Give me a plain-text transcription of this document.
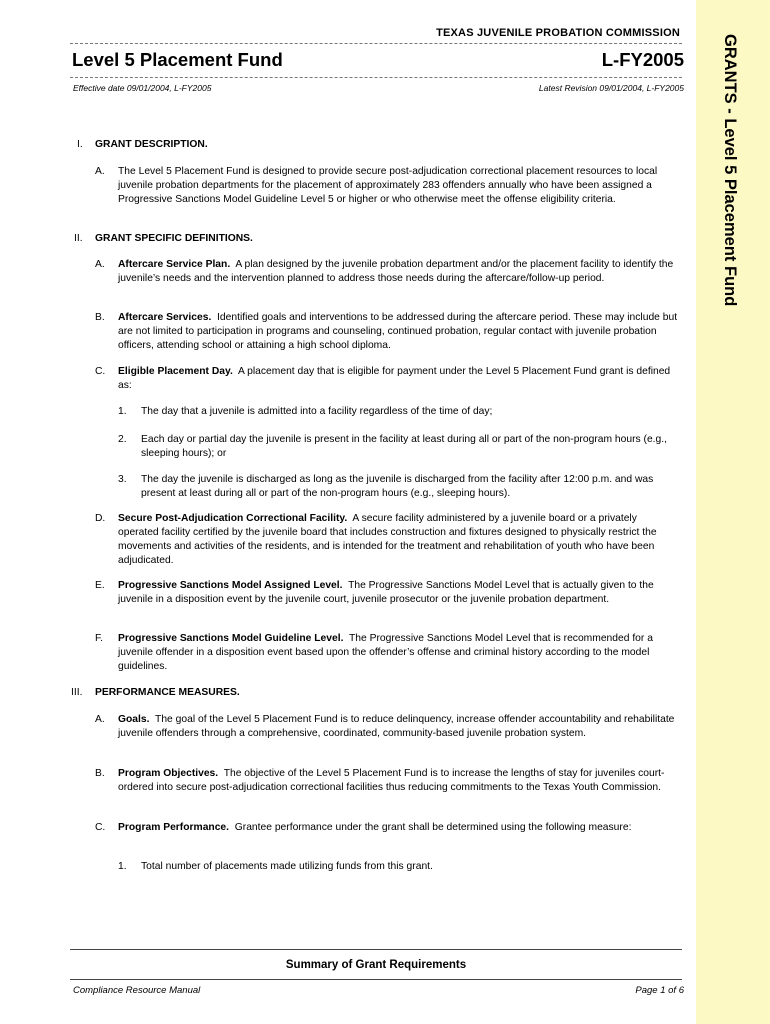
GRANTS - Level 5 Placement Fund
TEXAS JUVENILE PROBATION COMMISSION
Level 5 Placement Fund	L-FY2005
Effective date 09/01/2004, L-FY2005	Latest Revision 09/01/2004, L-FY2005
I. GRANT DESCRIPTION.
A. The Level 5 Placement Fund is designed to provide secure post-adjudication correctional placement resources to local juvenile probation departments for the placement of approximately 283 offenders annually who have been assigned a Progressive Sanctions Model Guideline Level 5 or higher or who otherwise meet the offense eligibility criteria.
II. GRANT SPECIFIC DEFINITIONS.
A. Aftercare Service Plan. A plan designed by the juvenile probation department and/or the placement facility to identify the juvenile’s needs and the intervention planned to address those needs during the aftercare/follow-up period.
B. Aftercare Services. Identified goals and interventions to be addressed during the aftercare period. These may include but are not limited to participation in programs and counseling, continued probation, regular contact with juvenile probation officers, attending school or attaining a high school diploma.
C. Eligible Placement Day. A placement day that is eligible for payment under the Level 5 Placement Fund grant is defined as:
1. The day that a juvenile is admitted into a facility regardless of the time of day;
2. Each day or partial day the juvenile is present in the facility at least during all or part of the non-program hours (e.g., sleeping hours); or
3. The day the juvenile is discharged as long as the juvenile is discharged from the facility after 12:00 p.m. and was present at least during all or part of the non-program hours (e.g., sleeping hours).
D. Secure Post-Adjudication Correctional Facility. A secure facility administered by a juvenile board or a privately operated facility certified by the juvenile board that includes construction and fixtures designed to physically restrict the movements and activities of the residents, and is intended for the treatment and rehabilitation of youth who have been adjudicated.
E. Progressive Sanctions Model Assigned Level. The Progressive Sanctions Model Level that is actually given to the juvenile in a disposition event by the juvenile court, juvenile prosecutor or the juvenile probation department.
F. Progressive Sanctions Model Guideline Level. The Progressive Sanctions Model Level that is recommended for a juvenile offender in a disposition event based upon the offender’s offense and criminal history according to the model guidelines.
III. PERFORMANCE MEASURES.
A. Goals. The goal of the Level 5 Placement Fund is to reduce delinquency, increase offender accountability and rehabilitate juvenile offenders through a comprehensive, coordinated, community-based juvenile probation system.
B. Program Objectives. The objective of the Level 5 Placement Fund is to increase the lengths of stay for juveniles court-ordered into secure post-adjudication correctional facilities thus reducing commitments to the Texas Youth Commission.
C. Program Performance. Grantee performance under the grant shall be determined using the following measure:
1. Total number of placements made utilizing funds from this grant.
Summary of Grant Requirements
Compliance Resource Manual	Page 1 of 6
